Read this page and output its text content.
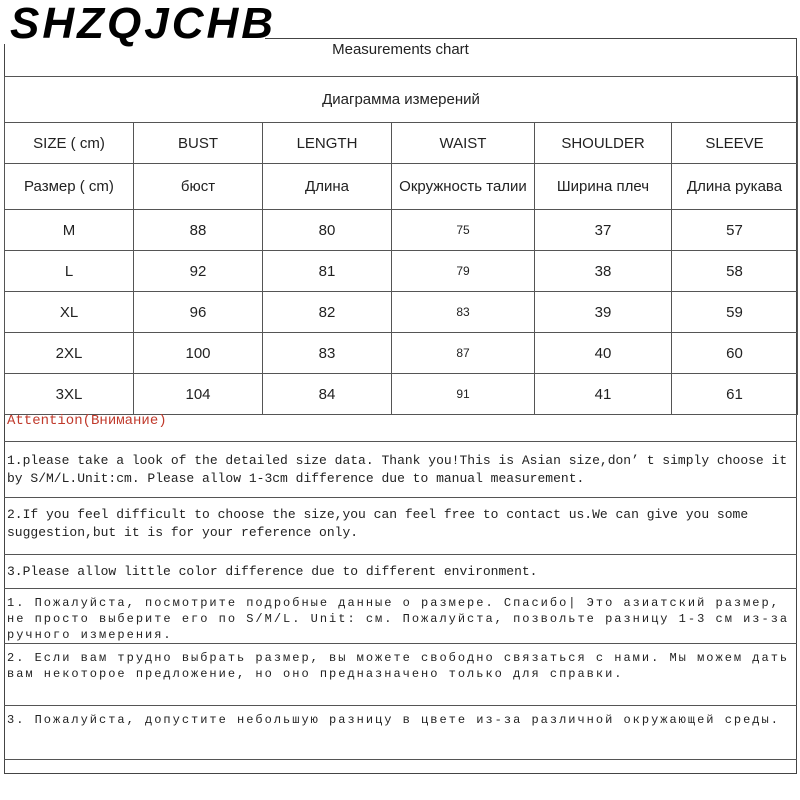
SHZQJCHB
Measurements chart
Диаграмма измерений					
SIZE ( cm)	BUST	LENGTH	WAIST	SHOULDER	SLEEVE
Размер ( cm)	бюст	Длина	Окружность талии	Ширина плеч	Длина рукава
M	88	80	75	37	57
L	92	81	79	38	58
XL	96	82	83	39	59
2XL	100	83	87	40	60
3XL	104	84	91	41	61
Attention(Внимание)
1.please take a look of the detailed size data. Thank you!This is Asian size,don’ t simply choose it by S/M/L.Unit:cm. Please allow 1-3cm difference due to manual measurement.
2.If you feel difficult to choose the size,you can feel free to contact us.We can give you some suggestion,but it is for your reference only.
3.Please allow little color difference due to different environment.
1. Пожалуйста, посмотрите подробные данные о размере. Спасибо| Это азиатский размер, не просто выберите его по S/M/L. Unit: см. Пожалуйста, позвольте разницу 1-3 см из-за ручного измерения.
2. Если вам трудно выбрать размер, вы можете свободно связаться с нами. Мы можем дать вам некоторое предложение, но оно предназначено только для справки.
3. Пожалуйста, допустите небольшую разницу в цвете из-за различной окружающей среды.
